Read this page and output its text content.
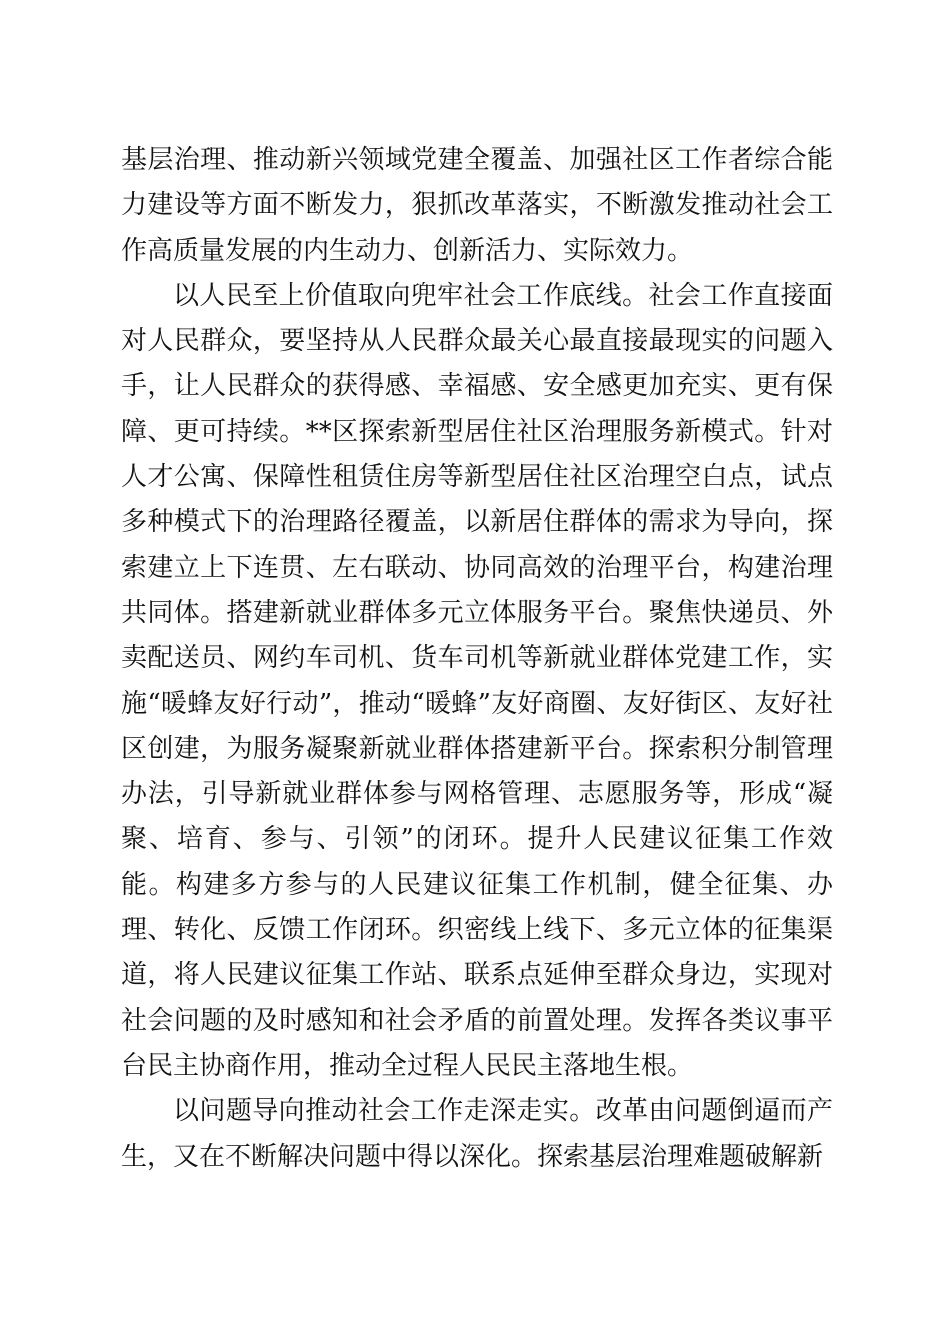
基层治理、推动新兴领域党建全覆盖、加强社区工作者综合能力建设等方面不断发力，狠抓改革落实，不断激发推动社会工作高质量发展的内生动力、创新活力、实际效力。

以人民至上价值取向兜牢社会工作底线。社会工作直接面对人民群众，要坚持从人民群众最关心最直接最现实的问题入手，让人民群众的获得感、幸福感、安全感更加充实、更有保障、更可持续。**区探索新型居住社区治理服务新模式。针对人才公寓、保障性租赁住房等新型居住社区治理空白点，试点多种模式下的治理路径覆盖，以新居住群体的需求为导向，探索建立上下连贯、左右联动、协同高效的治理平台，构建治理共同体。搭建新就业群体多元立体服务平台。聚焦快递员、外卖配送员、网约车司机、货车司机等新就业群体党建工作，实施“暖蜂友好行动”，推动“暖蜂”友好商圈、友好街区、友好社区创建，为服务凝聚新就业群体搭建新平台。探索积分制管理办法，引导新就业群体参与网格管理、志愿服务等，形成“凝聚、培育、参与、引领”的闭环。提升人民建议征集工作效能。构建多方参与的人民建议征集工作机制，健全征集、办理、转化、反馈工作闭环。织密线上线下、多元立体的征集渠道，将人民建议征集工作站、联系点延伸至群众身边，实现对社会问题的及时感知和社会矛盾的前置处理。发挥各类议事平台民主协商作用，推动全过程人民民主落地生根。

以问题导向推动社会工作走深走实。改革由问题倒逼而产生，又在不断解决问题中得以深化。探索基层治理难题破解新
